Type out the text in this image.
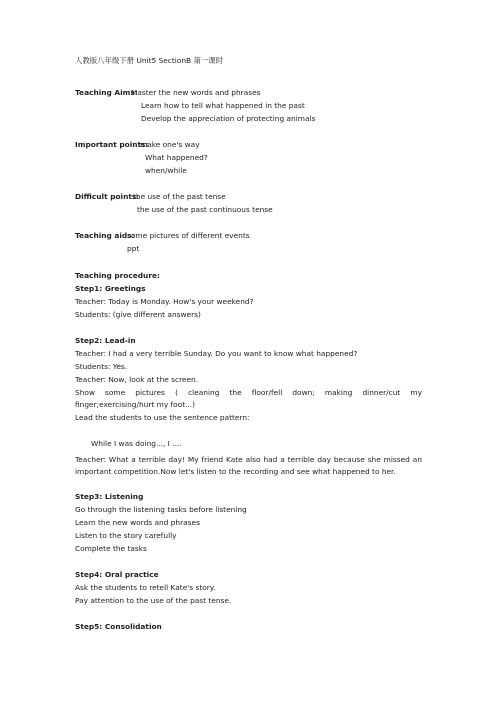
人教版八年级下册 Unit5 SectionB 第一课时
Teaching Aims:
Master the new words and phrases
Learn how to tell what happened in the past
Develop the appreciation of protecting animals
Important points:
make one's way
What happened?
when/while
Difficult points:
the use of the past tense
the use of the past continuous tense
Teaching aids:
some pictures of different events
ppt
Teaching procedure:
Step1: Greetings
Teacher: Today is Monday. How's your weekend?
Students: (give different answers)
Step2: Lead-in
Teacher: I had a very terrible Sunday. Do you want to know what happened?
Students: Yes.
Teacher: Now, look at the screen.
Show some pictures ( cleaning the floor/fell down; making dinner/cut my finger;exercising/hurt my foot...)
Lead the students to use the sentence pattern:
While I was doing..., I ....
Teacher: What a terrible day! My friend Kate also had a terrible day because she missed an important competition.Now let's listen to the recording and see what happened to her.
Step3: Listening
Go through the listening tasks before listening
Learn the new words and phrases
Listen to the story carefully
Complete the tasks
Step4: Oral practice
Ask the students to retell Kate's story.
Pay attention to the use of the past tense.
Step5: Consolidation
